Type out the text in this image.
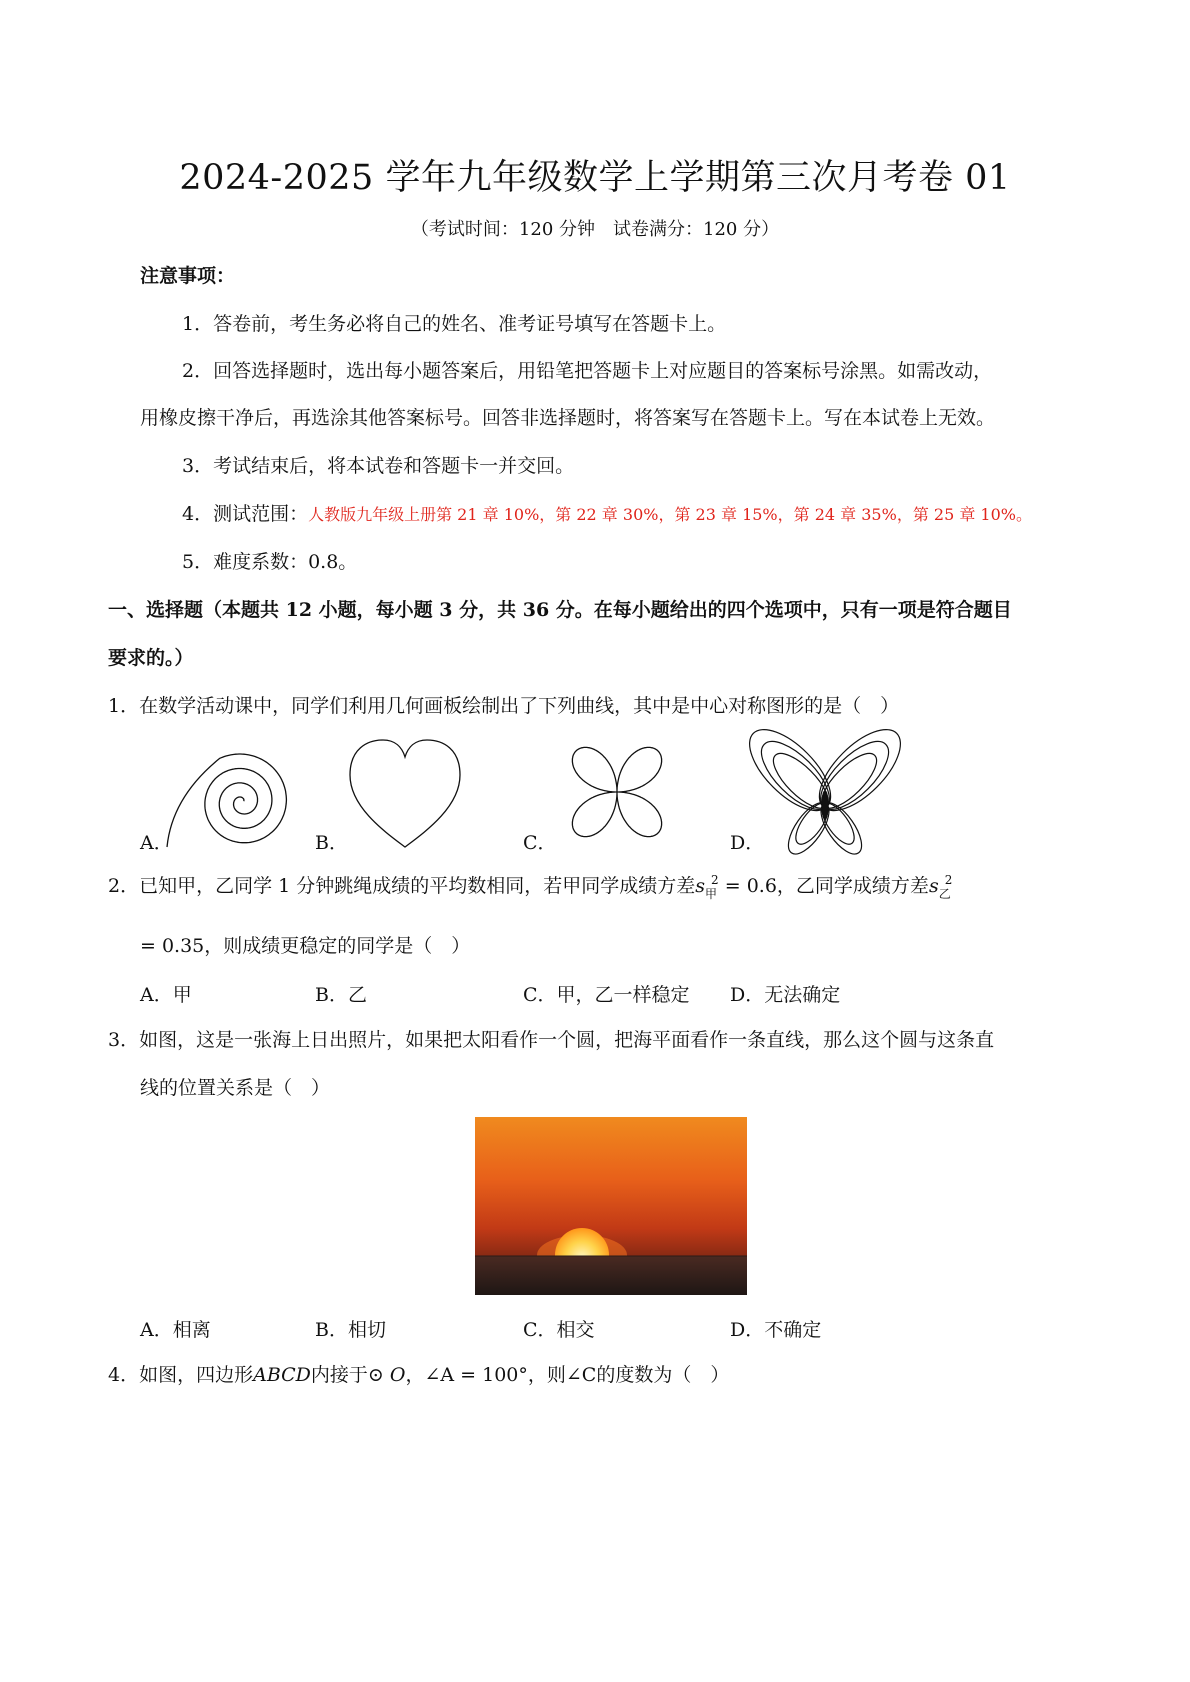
2024-2025 学年九年级数学上学期第三次月考卷 01
（考试时间：120 分钟　试卷满分：120 分）
注意事项：
1．答卷前，考生务必将自己的姓名、准考证号填写在答题卡上。
2．回答选择题时，选出每小题答案后，用铅笔把答题卡上对应题目的答案标号涂黑。如需改动，
用橡皮擦干净后，再选涂其他答案标号。回答非选择题时，将答案写在答题卡上。写在本试卷上无效。
3．考试结束后，将本试卷和答题卡一并交回。
4．测试范围：人教版九年级上册第 21 章 10%，第 22 章 30%，第 23 章 15%，第 24 章 35%，第 25 章 10%。
5．难度系数：0.8。
一、选择题（本题共 12 小题，每小题 3 分，共 36 分。在每小题给出的四个选项中，只有一项是符合题目
要求的。）
1．在数学活动课中，同学们利用几何画板绘制出了下列曲线，其中是中心对称图形的是（　）
A．	B．	C．	D．
2．已知甲，乙同学 1 分钟跳绳成绩的平均数相同，若甲同学成绩方差$s_甲^2 = 0.6$，乙同学成绩方差$s_乙^2$
= 0.35，则成绩更稳定的同学是（　）
A．甲	B．乙	C．甲，乙一样稳定 D．无法确定
3．如图，这是一张海上日出照片，如果把太阳看作一个圆，把海平面看作一条直线，那么这个圆与这条直
线的位置关系是（　）
A．相离	B．相切	C．相交	D．不确定
4．如图，四边形ABCD内接于⊙ O，∠A = 100°，则∠C的度数为（　）
